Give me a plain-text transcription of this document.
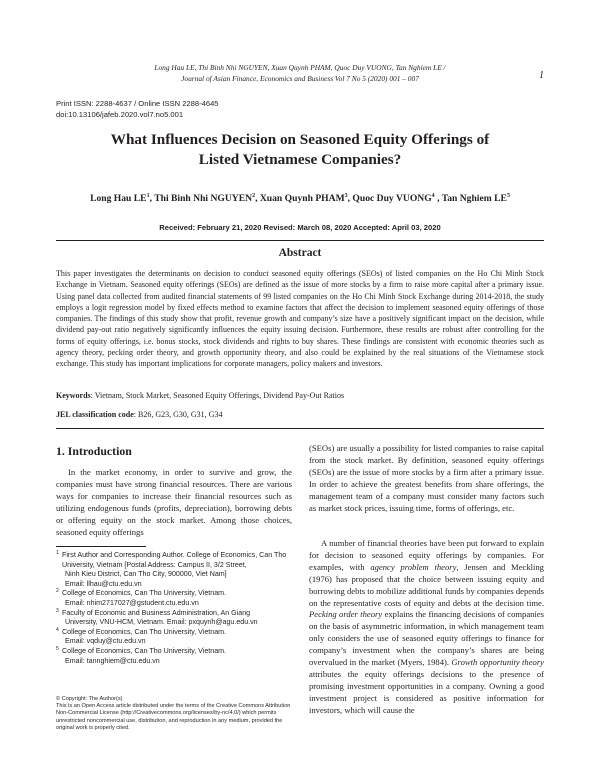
Long Hau LE, Thi Binh Nhi NGUYEN, Xuan Quynh PHAM, Quoc Duy VUONG, Tan Nghiem LE /
Journal of Asian Finance, Economics and Business Vol 7 No 5 (2020) 001 – 007	1
Print ISSN: 2288-4637 / Online ISSN 2288-4645
doi:10.13106/jafeb.2020.vol7.no5.001
What Influences Decision on Seasoned Equity Offerings of
Listed Vietnamese Companies?
Long Hau $LE^1$, Thi Binh Nhi NGUYEN$^2$, Xuan Quynh PHAM$^3$, Quoc Duy VUONG$^4$ , Tan Nghiem $LE^5$
Received: February 21, 2020 Revised: March 08, 2020 Accepted: April 03, 2020
Abstract
This paper investigates the determinants on decision to conduct seasoned equity offerings (SEOs) of listed companies on the Ho Chi Minh Stock Exchange in Vietnam. Seasoned equity offerings (SEOs) are defined as the issue of more stocks by a firm to raise more capital after a primary issue. Using panel data collected from audited financial statements of 99 listed companies on the Ho Chi Minh Stock Exchange during 2014-2018, the study employs a logit regression model by fixed effects method to examine factors that affect the decision to implement seasoned equity offerings of those companies. The findings of this study show that profit, revenue growth and company’s size have a positively significant impact on the decision, while dividend pay-out ratio negatively significantly influences the equity issuing decision. Furthermore, these results are robust after controlling for the forms of equity offerings, i.e. bonus stocks, stock dividends and rights to buy shares. These findings are consistent with economic theories such as agency theory, pecking order theory, and growth opportunity theory, and also could be explained by the real situations of the Vietnamese stock exchange. This study has important implications for corporate managers, policy makers and investors.
Keywords: Vietnam, Stock Market, Seasoned Equity Offerings, Dividend Pay-Out Ratios
JEL classification code: B26, G23, G30, G31, G34
1. Introduction
In the market economy, in order to survive and grow, the companies must have strong financial resources. There are various ways for companies to increase their financial resources such as utilizing endogenous funds (profits, depreciation), borrowing debts or offering equity on the stock market. Among those choices, seasoned equity offerings
(SEOs) are usually a possibility for listed companies to raise capital from the stock market. By definition, seasoned equity offerings (SEOs) are the issue of more stocks by a firm after a primary issue. In order to achieve the greatest benefits from share offerings, the management team of a company must consider many factors such as market stock prices, issuing time, forms of offerings, etc.
A number of financial theories have been put forward to explain for decision to seasoned equity offerings by companies. For examples, with agency problem theory, Jensen and Meckling (1976) has proposed that the choice between issuing equity and borrowing debts to mobilize additional funds by companies depends on the representative costs of equity and debts at the decision time. Pecking order theory explains the financing decisions of companies on the basis of asymmetric information, in which management team only considers the use of seasoned equity offerings to finance for company’s investment when the company’s shares are being overvalued in the market (Myers, 1984). Growth opportunity theory attributes the equity offerings decisions to the presence of promising investment opportunities in a company. Owning a good investment project is considered as positive information for investors, which will cause the
1 First Author and Corresponding Author. College of Economics, Can Tho University, Vietnam [Postal Address: Campus II, 3/2 Street,
Ninh Kieu District, Can Tho City, 900000, Viet Nam]
Email: llhau@ctu.edu.vn
2 College of Economics, Can Tho University, Vietnam.
Email: nhim2717027@gstudent.ctu.edu.vn
3 Faculty of Economic and Business Administration, An Giang
University, VNU-HCM, Vietnam. Email: pxquynh@agu.edu.vn
4 College of Economics, Can Tho University, Vietnam.
Email: vqduy@ctu.edu.vn
5 College of Economics, Can Tho University, Vietnam.
Email: tannghiem@ctu.edu.vn
© Copyright: The Author(s)
This is an Open Access article distributed under the terms of the Creative Commons Attribution Non-Commercial License (http://Creativecommons.org/licenses/by-nc/4.0/) which permits unrestricted noncommercial use, distribution, and reproduction in any medium, provided the original work is properly cited.
